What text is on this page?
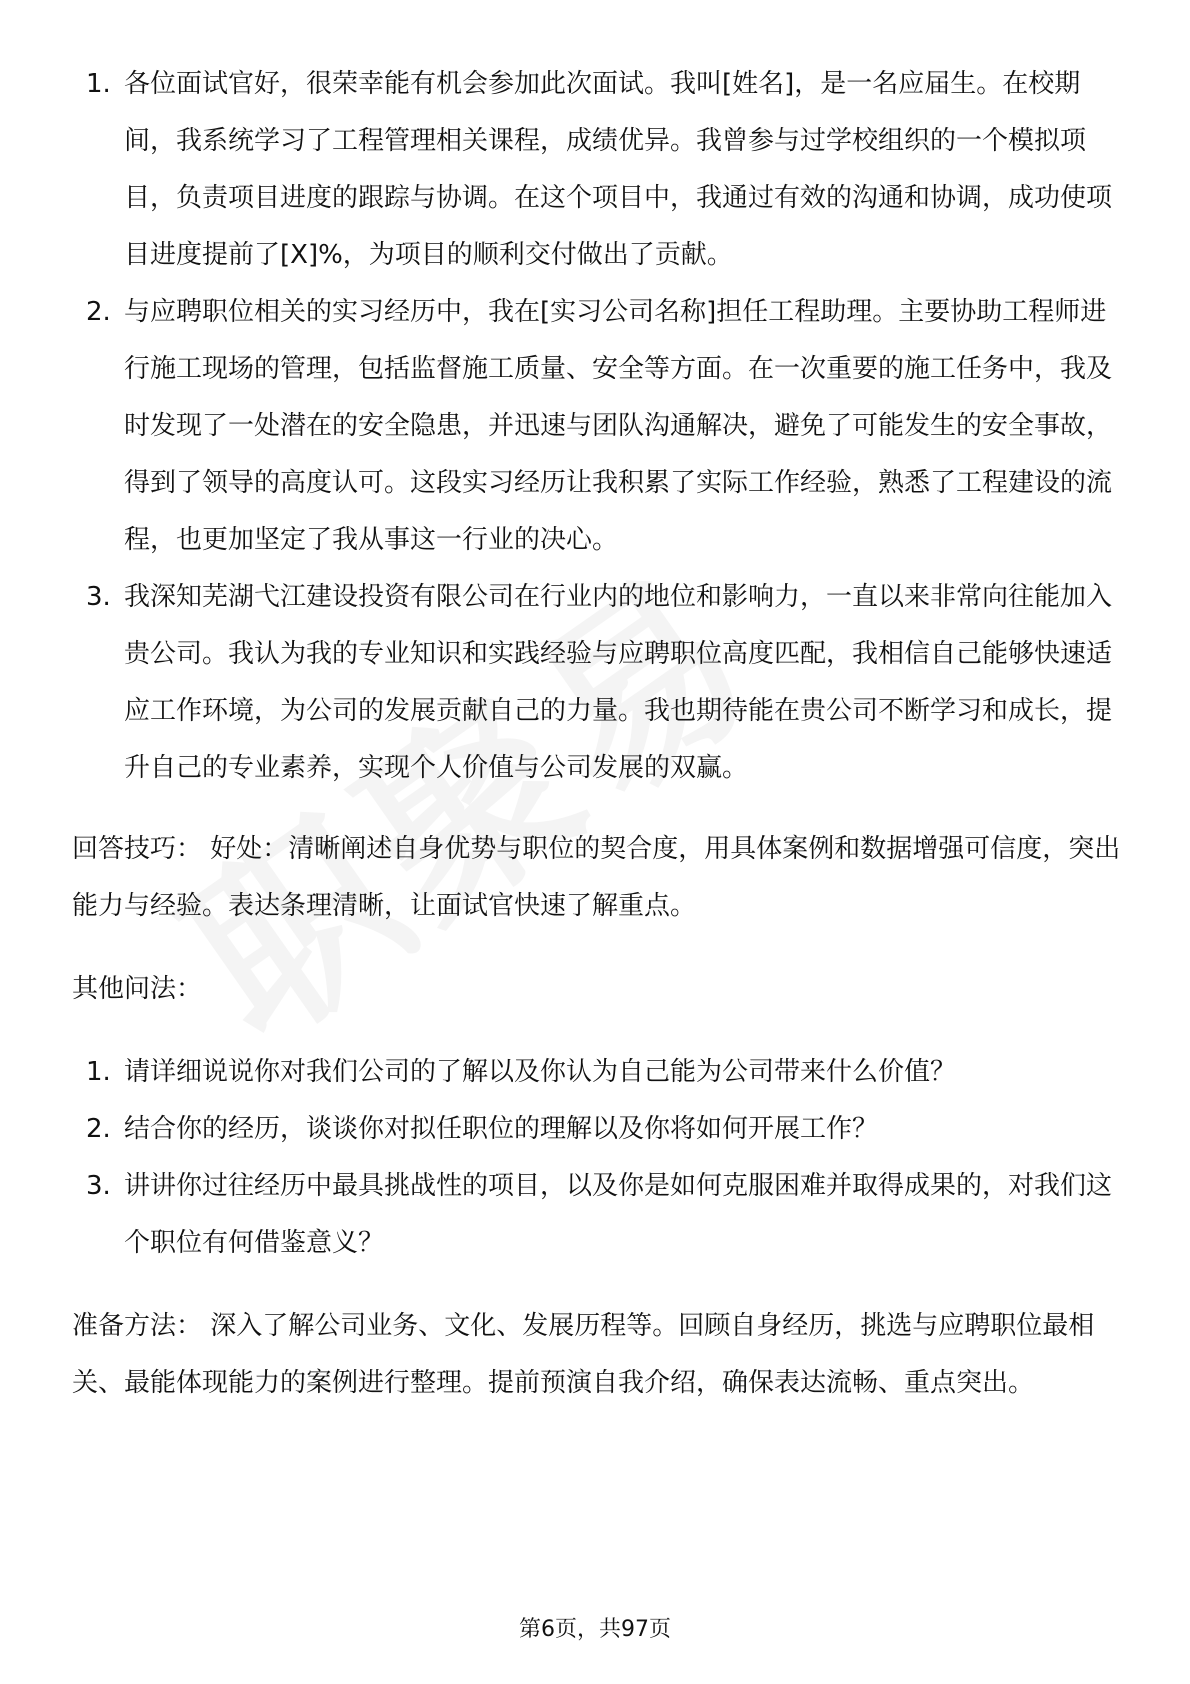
1. 各位面试官好，很荣幸能有机会参加此次面试。我叫[姓名]，是一名应届生。在校期间，我系统学习了工程管理相关课程，成绩优异。我曾参与过学校组织的一个模拟项目，负责项目进度的跟踪与协调。在这个项目中，我通过有效的沟通和协调，成功使项目进度提前了[X]%，为项目的顺利交付做出了贡献。
2. 与应聘职位相关的实习经历中，我在[实习公司名称]担任工程助理。主要协助工程师进行施工现场的管理，包括监督施工质量、安全等方面。在一次重要的施工任务中，我及时发现了一处潜在的安全隐患，并迅速与团队沟通解决，避免了可能发生的安全事故，得到了领导的高度认可。这段实习经历让我积累了实际工作经验，熟悉了工程建设的流程，也更加坚定了我从事这一行业的决心。
3. 我深知芜湖弋江建设投资有限公司在行业内的地位和影响力，一直以来非常向往能加入贵公司。我认为我的专业知识和实践经验与应聘职位高度匹配，我相信自己能够快速适应工作环境，为公司的发展贡献自己的力量。我也期待能在贵公司不断学习和成长，提升自己的专业素养，实现个人价值与公司发展的双赢。

回答技巧： 好处：清晰阐述自身优势与职位的契合度，用具体案例和数据增强可信度，突出能力与经验。表达条理清晰，让面试官快速了解重点。

其他问法：

1. 请详细说说你对我们公司的了解以及你认为自己能为公司带来什么价值？
2. 结合你的经历，谈谈你对拟任职位的理解以及你将如何开展工作？
3. 讲讲你过往经历中最具挑战性的项目，以及你是如何克服困难并取得成果的，对我们这个职位有何借鉴意义？

准备方法： 深入了解公司业务、文化、发展历程等。回顾自身经历，挑选与应聘职位最相关、最能体现能力的案例进行整理。提前预演自我介绍，确保表达流畅、重点突出。

第6页，共97页
